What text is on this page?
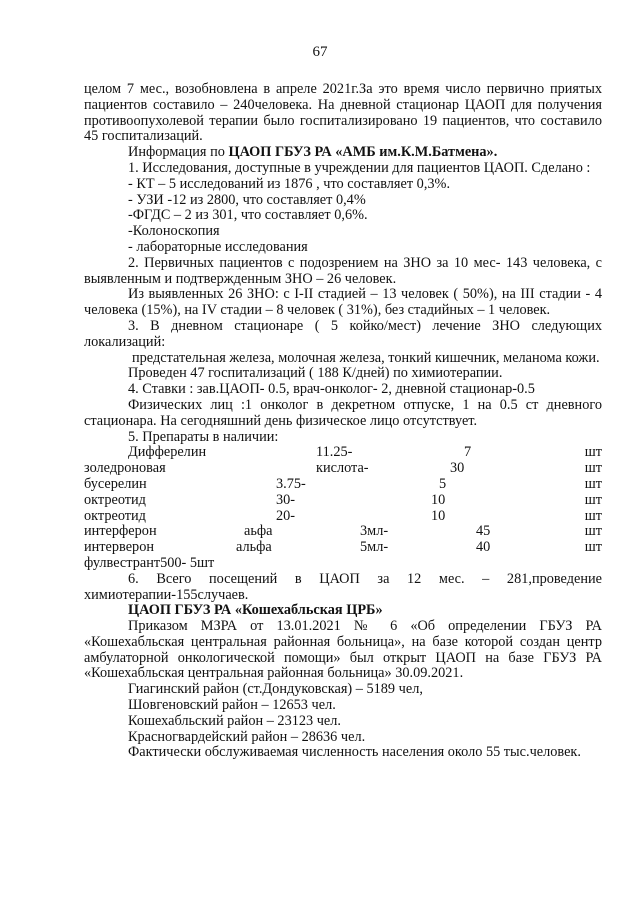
67

целом 7 мес., возобновлена в апреле 2021г.За это время число первично приятых пациентов составило – 240человека. На дневной стационар ЦАОП для получения противоопухолевой терапии было госпитализировано 19 пациентов, что составило 45 госпитализаций.

Информация по ЦАОП ГБУЗ РА «АМБ им.К.М.Батмена».

1. Исследования, доступные в учреждении для пациентов ЦАОП. Сделано :

- КТ – 5 исследований из 1876 , что составляет 0,3%.

- УЗИ -12 из 2800, что составляет 0,4%

-ФГДС – 2 из 301, что составляет 0,6%.

-Колоноскопия

- лабораторные исследования

2. Первичных пациентов с подозрением на ЗНО за 10 мес- 143 человека, с выявленным и подтвержденным ЗНО – 26 человек.

Из выявленных 26 ЗНО: с I-II стадией – 13 человек ( 50%), на III стадии - 4 человека (15%), на IV стадии – 8 человек ( 31%), без стадийных – 1 человек.

3. В дневном стационаре ( 5 койко/мест) лечение ЗНО следующих локализаций:

предстательная железа, молочная железа, тонкий кишечник, меланома кожи.

Проведен 47 госпитализаций ( 188 К/дней) по химиотерапии.

4. Ставки : зав.ЦАОП- 0.5, врач-онколог- 2, дневной стационар-0.5

Физических лиц :1 онколог в декретном отпуске, 1 на 0.5 ст дневного стационара. На сегодняшний день физическое лицо отсутствует.

5. Препараты в наличии:

Дифферелин	11.25-	7	шт
золедроновая	кислота-	30	шт
бусерелин	3.75-	5	шт
октреотид	30-	10	шт
октреотид	20-	10	шт
интерферон	аьфа	3мл-	45	шт
интерверон	альфа	5мл-	40	шт

фулвестрант500- 5шт

6. Всего посещений в ЦАОП за 12 мес. – 281,проведение химиотерапии-155случаев.

ЦАОП ГБУЗ РА «Кошехабльская ЦРБ»

Приказом МЗРА от 13.01.2021 № 6 «Об определении ГБУЗ РА «Кошехабльская центральная районная больница», на базе которой создан центр амбулаторной онкологической помощи» был открыт ЦАОП на базе ГБУЗ РА «Кошехабльская центральная районная больница» 30.09.2021.

Гиагинский район (ст.Дондуковская) – 5189 чел,

Шовгеновский район – 12653 чел.

Кошехабльский район – 23123 чел.

Красногвардейский район – 28636 чел.

Фактически обслуживаемая численность населения около 55 тыс.человек.
